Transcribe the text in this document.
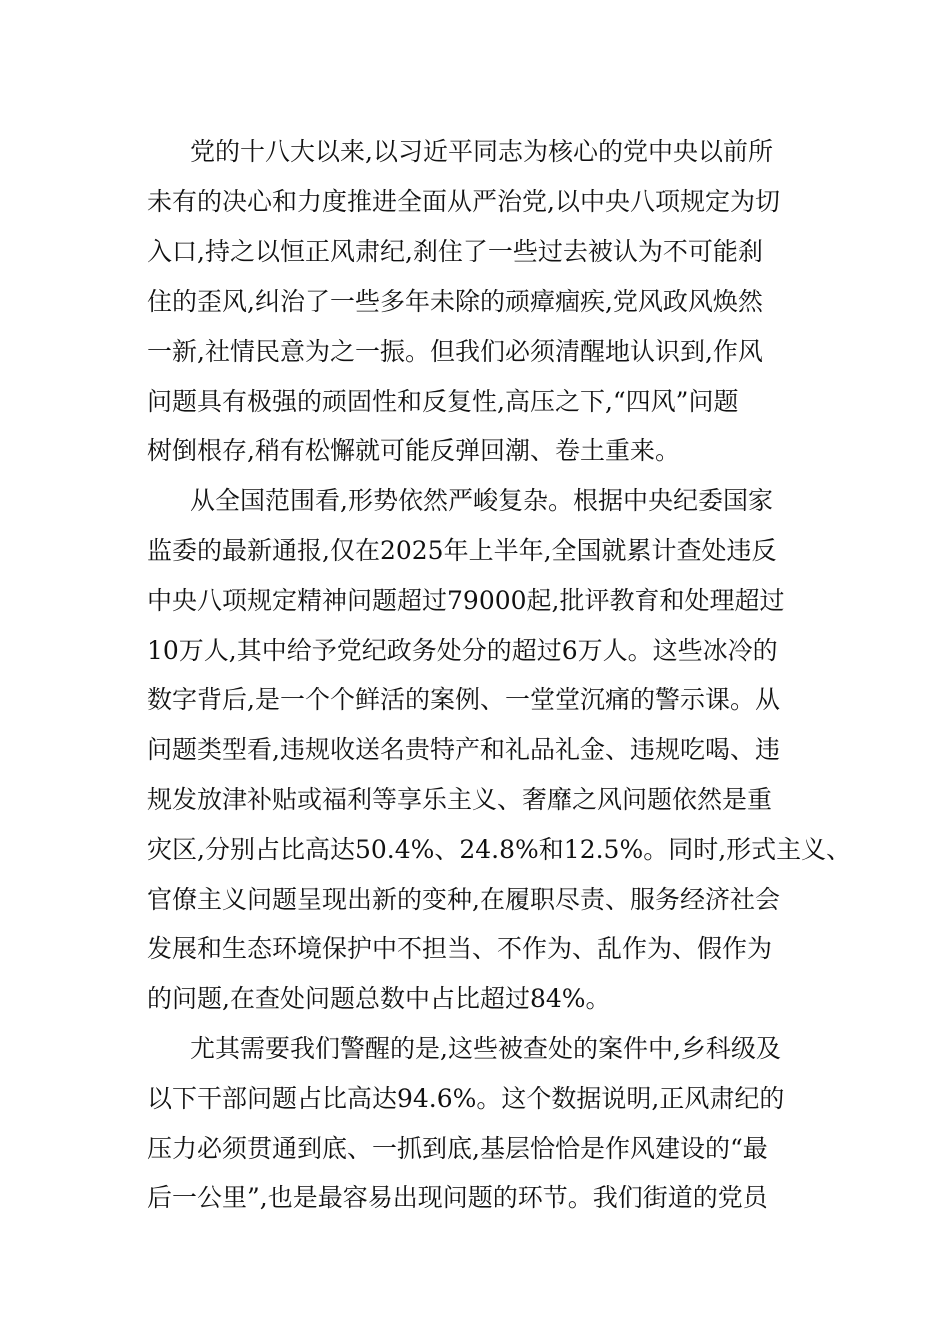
党的十八大以来,以习近平同志为核心的党中央以前所
未有的决心和力度推进全面从严治党,以中央八项规定为切
入口,持之以恒正风肃纪,刹住了一些过去被认为不可能刹
住的歪风,纠治了一些多年未除的顽瘴痼疾,党风政风焕然
一新,社情民意为之一振。但我们必须清醒地认识到,作风
问题具有极强的顽固性和反复性,高压之下,“四风”问题
树倒根存,稍有松懈就可能反弹回潮、卷土重来。
从全国范围看,形势依然严峻复杂。根据中央纪委国家
监委的最新通报,仅在2025年上半年,全国就累计查处违反
中央八项规定精神问题超过79000起,批评教育和处理超过
10万人,其中给予党纪政务处分的超过6万人。这些冰冷的
数字背后,是一个个鲜活的案例、一堂堂沉痛的警示课。从
问题类型看,违规收送名贵特产和礼品礼金、违规吃喝、违
规发放津补贴或福利等享乐主义、奢靡之风问题依然是重
灾区,分别占比高达50.4%、24.8%和12.5%。同时,形式主义、
官僚主义问题呈现出新的变种,在履职尽责、服务经济社会
发展和生态环境保护中不担当、不作为、乱作为、假作为
的问题,在查处问题总数中占比超过84%。
尤其需要我们警醒的是,这些被查处的案件中,乡科级及
以下干部问题占比高达94.6%。这个数据说明,正风肃纪的
压力必须贯通到底、一抓到底,基层恰恰是作风建设的“最
后一公里”,也是最容易出现问题的环节。我们街道的党员
